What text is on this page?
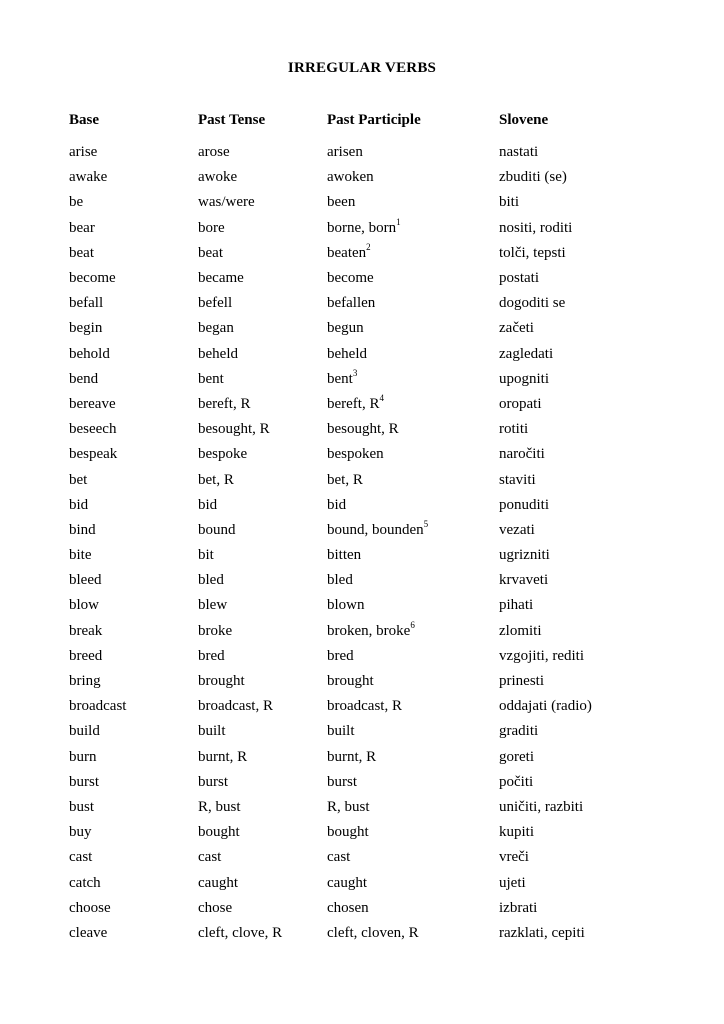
IRREGULAR VERBS
Base	Past Tense	Past Participle	Slovene
arise	arose	arisen	nastati
awake	awoke	awoken	zbuditi (se)
be	was/were	been	biti
bear	bore	borne, born$^1$	nositi, roditi
beat	beat	beaten$^2$	tolči, tepsti
become	became	become	postati
befall	befell	befallen	dogoditi se
begin	began	begun	začeti
behold	beheld	beheld	zagledati
bend	bent	bent$^3$	upogniti
bereave	bereft, R	bereft, $R^4$	oropati
beseech	besought, R	besought, R	rotiti
bespeak	bespoke	bespoken	naročiti
bet	bet, R	bet, R	staviti
bid	bid	bid	ponuditi
bind	bound	bound, bounden$^5$	vezati
bite	bit	bitten	ugrizniti
bleed	bled	bled	krvaveti
blow	blew	blown	pihati
break	broke	broken, broke$^6$	zlomiti
breed	bred	bred	vzgojiti, rediti
bring	brought	brought	prinesti
broadcast	broadcast, R	broadcast, R	oddajati (radio)
build	built	built	graditi
burn	burnt, R	burnt, R	goreti
burst	burst	burst	počiti
bust	R, bust	R, bust	uničiti, razbiti
buy	bought	bought	kupiti
cast	cast	cast	vreči
catch	caught	caught	ujeti
choose	chose	chosen	izbrati
cleave	cleft, clove, R	cleft, cloven, R	razklati, cepiti
